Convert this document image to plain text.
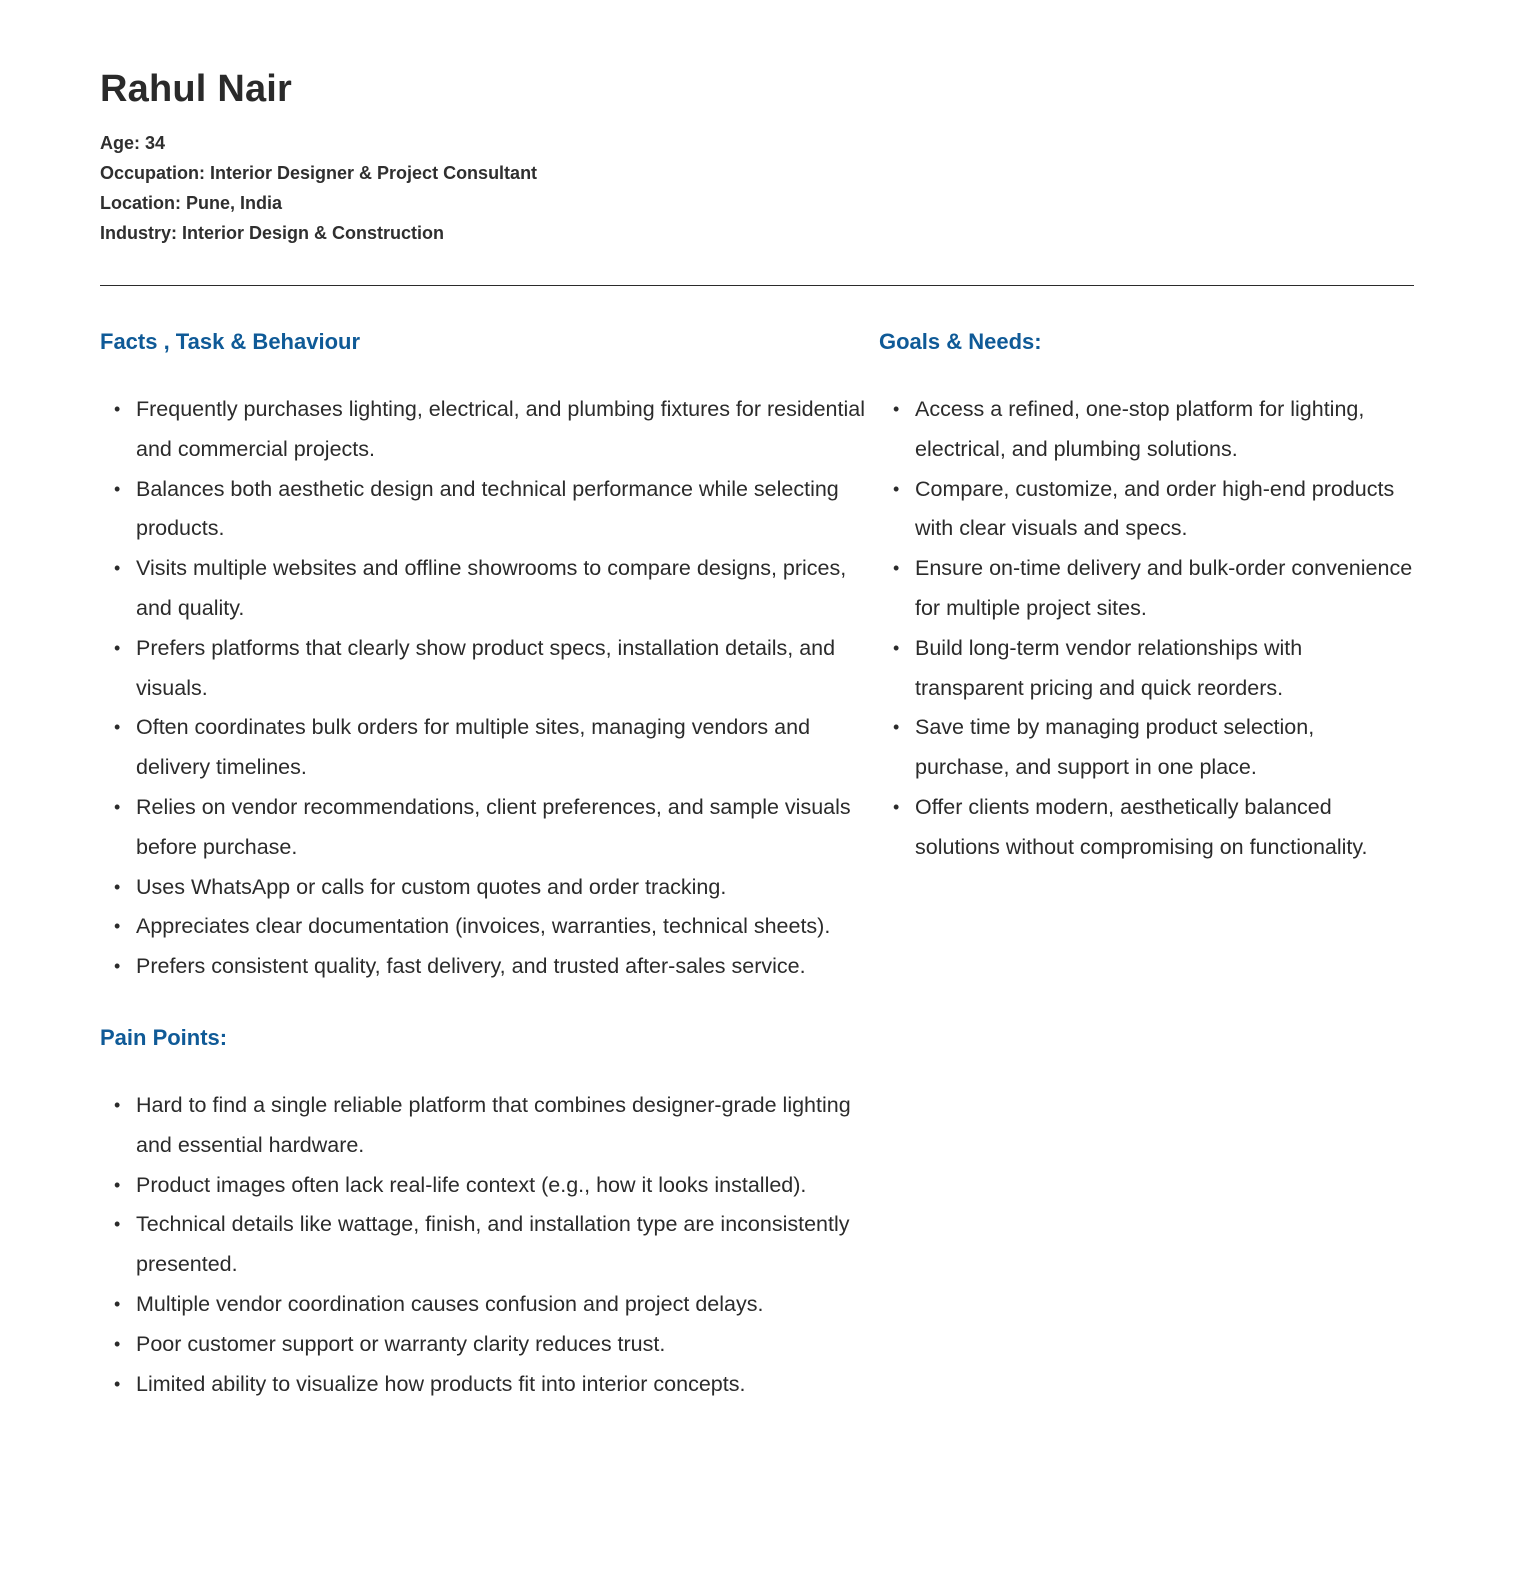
Rahul Nair
Age: 34
Occupation: Interior Designer & Project Consultant
Location: Pune, India
Industry: Interior Design & Construction
Facts , Task & Behaviour
• Frequently purchases lighting, electrical, and plumbing fixtures for residential and commercial projects.
• Balances both aesthetic design and technical performance while selecting products.
• Visits multiple websites and offline showrooms to compare designs, prices, and quality.
• Prefers platforms that clearly show product specs, installation details, and visuals.
• Often coordinates bulk orders for multiple sites, managing vendors and delivery timelines.
• Relies on vendor recommendations, client preferences, and sample visuals before purchase.
• Uses WhatsApp or calls for custom quotes and order tracking.
• Appreciates clear documentation (invoices, warranties, technical sheets).
• Prefers consistent quality, fast delivery, and trusted after-sales service.
Pain Points:
• Hard to find a single reliable platform that combines designer-grade lighting and essential hardware.
• Product images often lack real-life context (e.g., how it looks installed).
• Technical details like wattage, finish, and installation type are inconsistently presented.
• Multiple vendor coordination causes confusion and project delays.
• Poor customer support or warranty clarity reduces trust.
• Limited ability to visualize how products fit into interior concepts.
Goals & Needs:
• Access a refined, one-stop platform for lighting, electrical, and plumbing solutions.
• Compare, customize, and order high-end products with clear visuals and specs.
• Ensure on-time delivery and bulk-order convenience for multiple project sites.
• Build long-term vendor relationships with transparent pricing and quick reorders.
• Save time by managing product selection, purchase, and support in one place.
• Offer clients modern, aesthetically balanced solutions without compromising on functionality.
